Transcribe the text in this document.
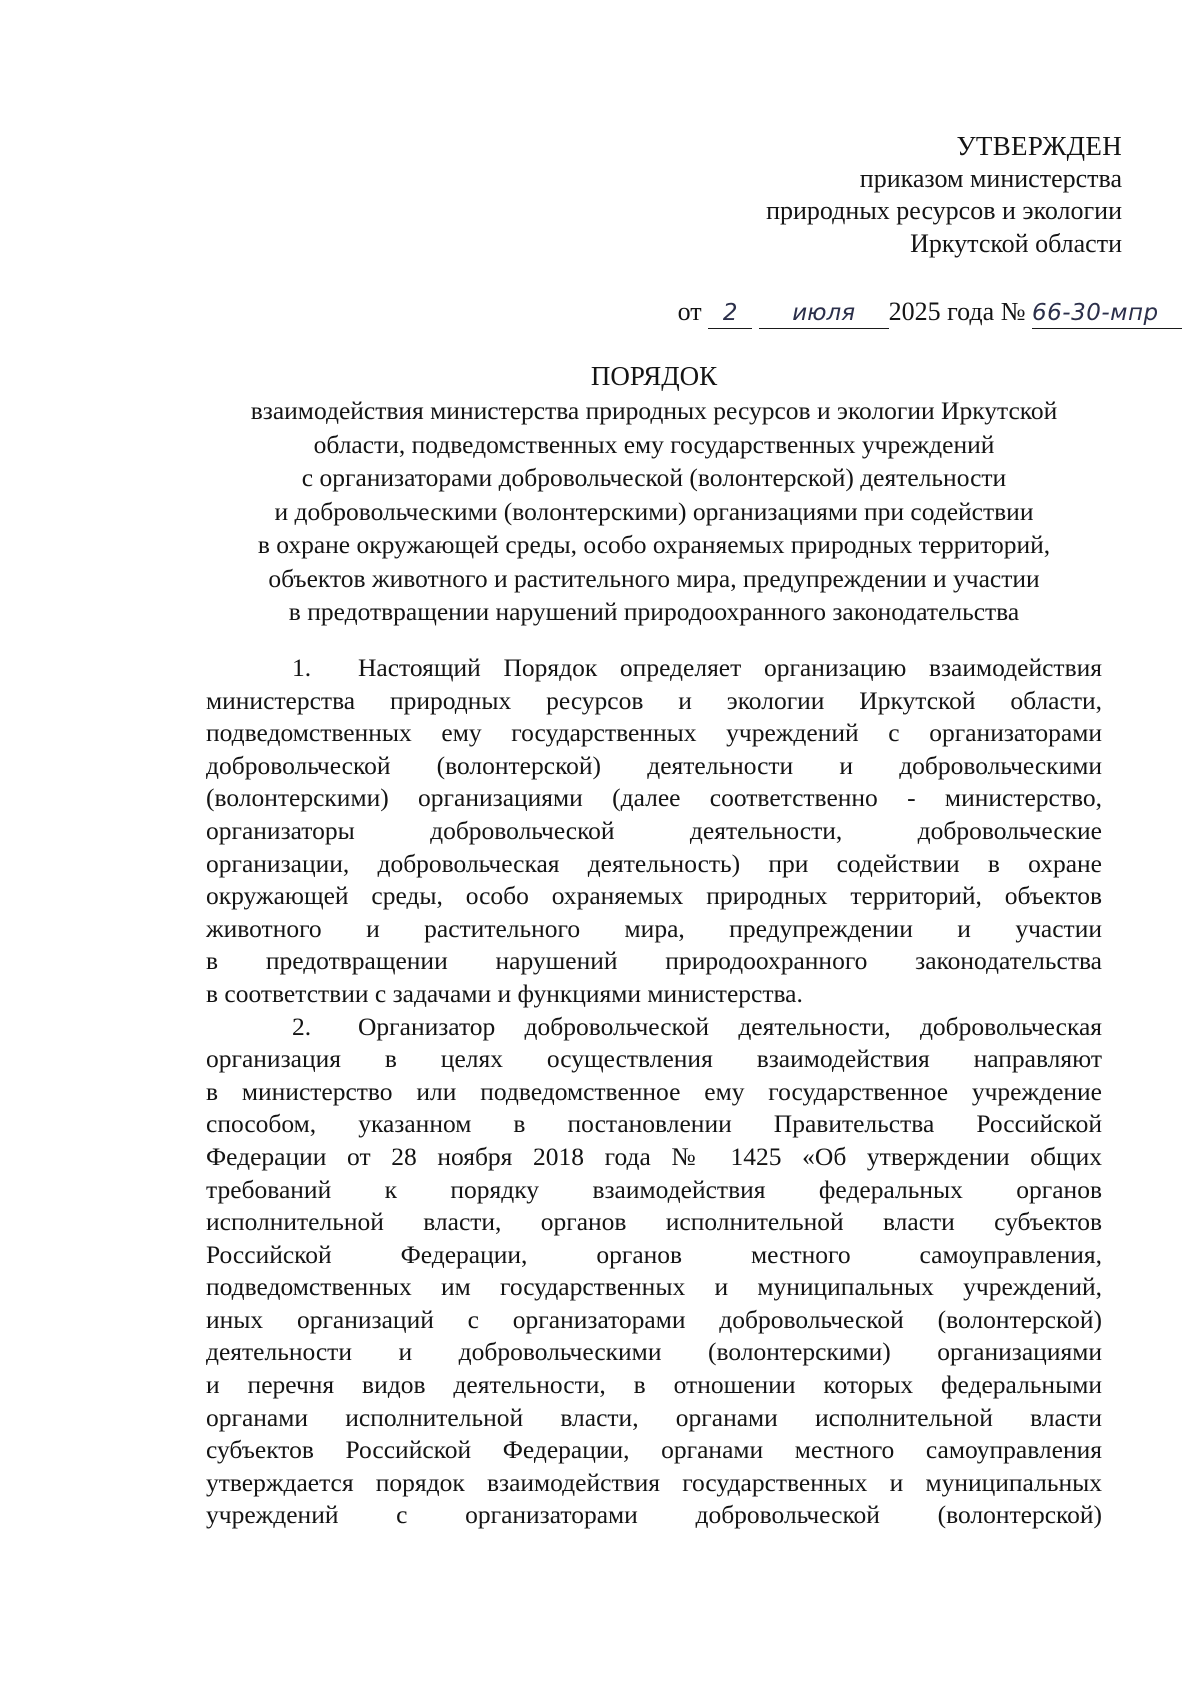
УТВЕРЖДЕН
приказом министерства
природных ресурсов и экологии
Иркутской области
от 2 июля 2025 года № 66-30-мпр
ПОРЯДОК
взаимодействия министерства природных ресурсов и экологии Иркутской
области, подведомственных ему государственных учреждений
с организаторами добровольческой (волонтерской) деятельности
и добровольческими (волонтерскими) организациями при содействии
в охране окружающей среды, особо охраняемых природных территорий,
объектов животного и растительного мира, предупреждении и участии
в предотвращении нарушений природоохранного законодательства
1. Настоящий Порядок определяет организацию взаимодействия
министерства природных ресурсов и экологии Иркутской области,
подведомственных ему государственных учреждений с организаторами
добровольческой (волонтерской) деятельности и добровольческими
(волонтерскими) организациями (далее соответственно - министерство,
организаторы добровольческой деятельности, добровольческие
организации, добровольческая деятельность) при содействии в охране
окружающей среды, особо охраняемых природных территорий, объектов
животного и растительного мира, предупреждении и участии
в предотвращении нарушений природоохранного законодательства
в соответствии с задачами и функциями министерства.
2. Организатор добровольческой деятельности, добровольческая
организация в целях осуществления взаимодействия направляют
в министерство или подведомственное ему государственное учреждение
способом, указанном в постановлении Правительства Российской
Федерации от 28 ноября 2018 года № 1425 «Об утверждении общих
требований к порядку взаимодействия федеральных органов
исполнительной власти, органов исполнительной власти субъектов
Российской Федерации, органов местного самоуправления,
подведомственных им государственных и муниципальных учреждений,
иных организаций с организаторами добровольческой (волонтерской)
деятельности и добровольческими (волонтерскими) организациями
и перечня видов деятельности, в отношении которых федеральными
органами исполнительной власти, органами исполнительной власти
субъектов Российской Федерации, органами местного самоуправления
утверждается порядок взаимодействия государственных и муниципальных
учреждений с организаторами добровольческой (волонтерской)
